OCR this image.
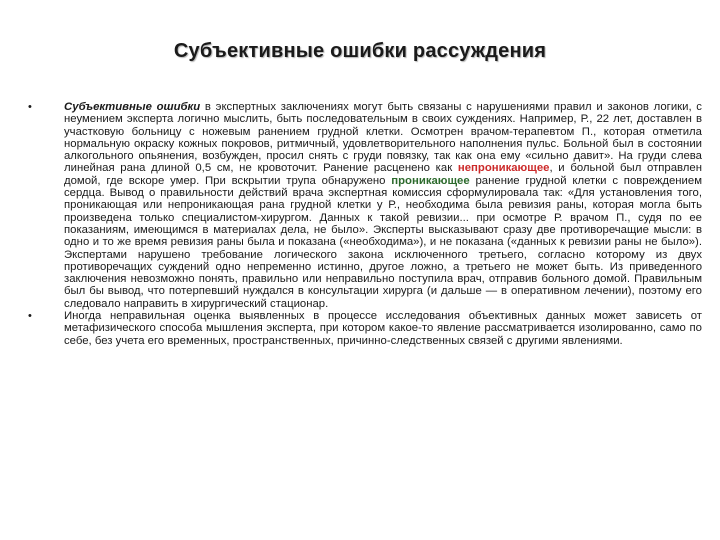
Субъективные ошибки рассуждения
•	Субъективные ошибки в экспертных заключениях могут быть связаны с нарушениями правил и законов логики, с неумением эксперта логично мыслить, быть последовательным в своих суждениях. Например, Р., 22 лет, доставлен в участковую больницу с ножевым ранением грудной клетки. Осмотрен врачом-терапевтом П., которая отметила нормальную окраску кожных покровов, ритмичный, удовлетворительного наполнения пульс. Больной был в состоянии алкогольного опьянения, возбужден, просил снять с груди повязку, так как она ему «сильно давит». На груди слева линейная рана длиной 0,5 см, не кровоточит. Ранение расценено как непроникающее, и больной был отправлен домой, где вскоре умер. При вскрытии трупа обнаружено проникающее ранение грудной клетки с повреждением сердца. Вывод о правильности действий врача экспертная комиссия сформулировала так: «Для установления того, проникающая или непроникающая рана грудной клетки у Р., необходима была ревизия раны, которая могла быть произведена только специалистом-хирургом. Данных к такой ревизии... при осмотре Р. врачом П., судя по ее показаниям, имеющимся в материалах дела, не было». Эксперты высказывают сразу две противоречащие мысли: в одно и то же время ревизия раны была и показана («необходима»), и не показана («данных к ревизии раны не было»). Экспертами нарушено требование логического закона исключенного третьего, согласно которому из двух противоречащих суждений одно непременно истинно, другое ложно, а третьего не может быть. Из приведенного заключения невозможно понять, правильно или неправильно поступила врач, отправив больного домой. Правильным был бы вывод, что потерпевший нуждался в консультации хирурга (и дальше — в оперативном лечении), поэтому его следовало направить в хирургический стационар.
•	Иногда неправильная оценка выявленных в процессе исследования объективных данных может зависеть от метафизического способа мышления эксперта, при котором какое-то явление рассматривается изолированно, само по себе, без учета его временных, пространственных, причинно-следственных связей с другими явлениями.
